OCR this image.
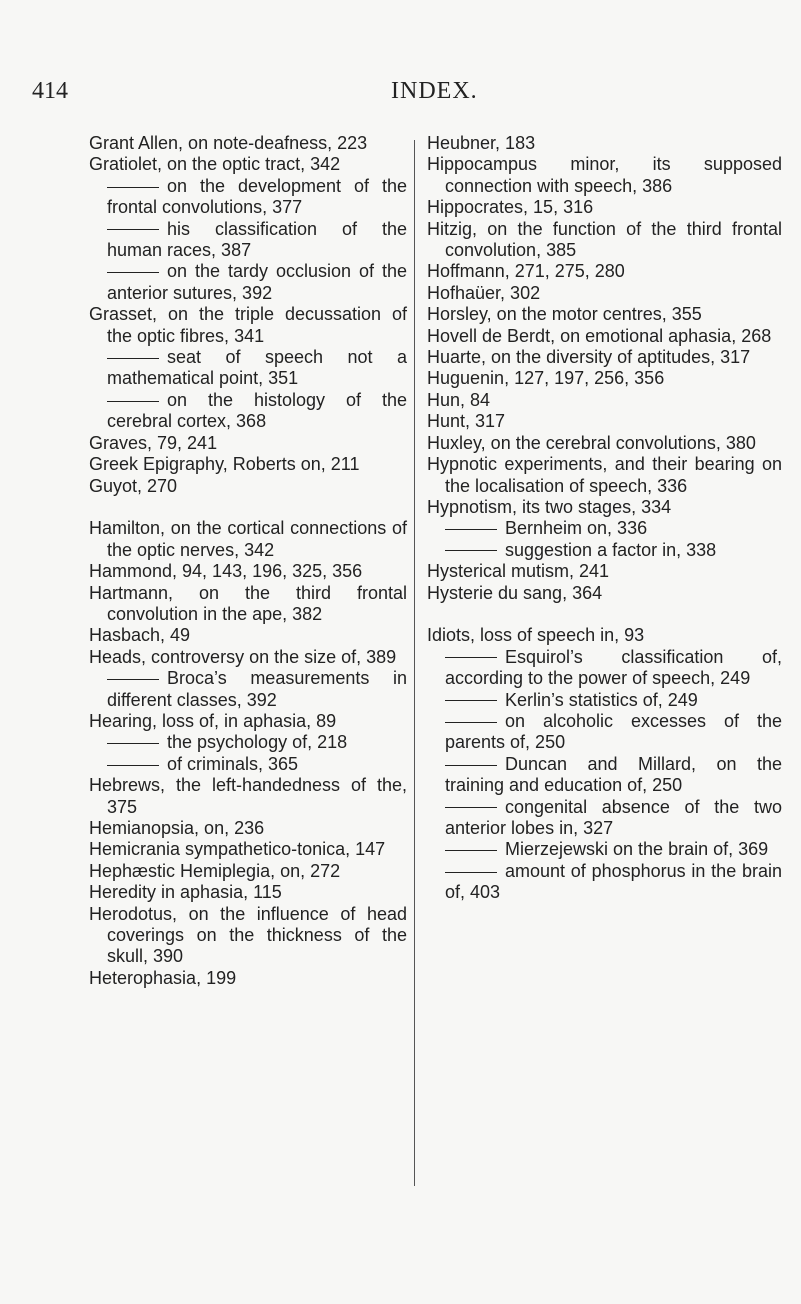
414	INDEX.
Grant Allen, on note-deafness, 223
Gratiolet, on the optic tract, 342
on the development of the frontal convolutions, 377
his classification of the human races, 387
on the tardy occlusion of the anterior sutures, 392
Grasset, on the triple decussation of the optic fibres, 341
seat of speech not a mathematical point, 351
on the histology of the cerebral cortex, 368
Graves, 79, 241
Greek Epigraphy, Roberts on, 211
Guyot, 270
Hamilton, on the cortical connections of the optic nerves, 342
Hammond, 94, 143, 196, 325, 356
Hartmann, on the third frontal convolution in the ape, 382
Hasbach, 49
Heads, controversy on the size of, 389
Broca’s measurements in different classes, 392
Hearing, loss of, in aphasia, 89
the psychology of, 218
of criminals, 365
Hebrews, the left-handedness of the, 375
Hemianopsia, on, 236
Hemicrania sympathetico-tonica, 147
Hephæstic Hemiplegia, on, 272
Heredity in aphasia, 115
Herodotus, on the influence of head coverings on the thickness of the skull, 390
Heterophasia, 199
Heubner, 183
Hippocampus minor, its supposed connection with speech, 386
Hippocrates, 15, 316
Hitzig, on the function of the third frontal convolution, 385
Hoffmann, 271, 275, 280
Hofhaüer, 302
Horsley, on the motor centres, 355
Hovell de Berdt, on emotional aphasia, 268
Huarte, on the diversity of aptitudes, 317
Huguenin, 127, 197, 256, 356
Hun, 84
Hunt, 317
Huxley, on the cerebral convolutions, 380
Hypnotic experiments, and their bearing on the localisation of speech, 336
Hypnotism, its two stages, 334
Bernheim on, 336
suggestion a factor in, 338
Hysterical mutism, 241
Hysterie du sang, 364
Idiots, loss of speech in, 93
Esquirol’s classification of, according to the power of speech, 249
Kerlin’s statistics of, 249
on alcoholic excesses of the parents of, 250
Duncan and Millard, on the training and education of, 250
congenital absence of the two anterior lobes in, 327
Mierzejewski on the brain of, 369
amount of phosphorus in the brain of, 403
